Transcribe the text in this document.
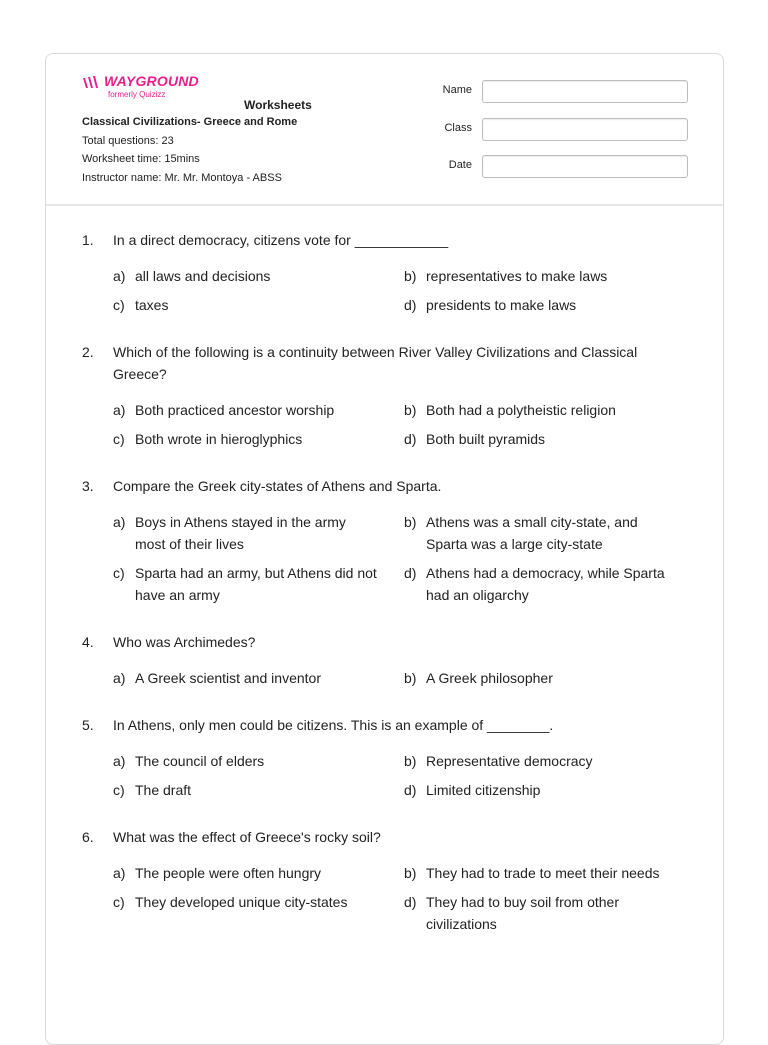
WAYGROUND
formerly Quizizz
Worksheets
Classical Civilizations- Greece and Rome
Total questions: 23
Worksheet time: 15mins
Instructor name: Mr. Mr. Montoya - ABSS
Name
Class
Date
1. In a direct democracy, citizens vote for ____________
a) all laws and decisions	b) representatives to make laws
c) taxes	d) presidents to make laws
2. Which of the following is a continuity between River Valley Civilizations and Classical Greece?
a) Both practiced ancestor worship	b) Both had a polytheistic religion
c) Both wrote in hieroglyphics	d) Both built pyramids
3. Compare the Greek city-states of Athens and Sparta.
a) Boys in Athens stayed in the army most of their lives
b) Athens was a small city-state, and Sparta was a large city-state
c) Sparta had an army, but Athens did not have an army
d) Athens had a democracy, while Sparta had an oligarchy
4. Who was Archimedes?
a) A Greek scientist and inventor	b) A Greek philosopher
5. In Athens, only men could be citizens. This is an example of ________.
a) The council of elders	b) Representative democracy
c) The draft	d) Limited citizenship
6. What was the effect of Greece's rocky soil?
a) The people were often hungry	b) They had to trade to meet their needs
c) They developed unique city-states	d) They had to buy soil from other civilizations
